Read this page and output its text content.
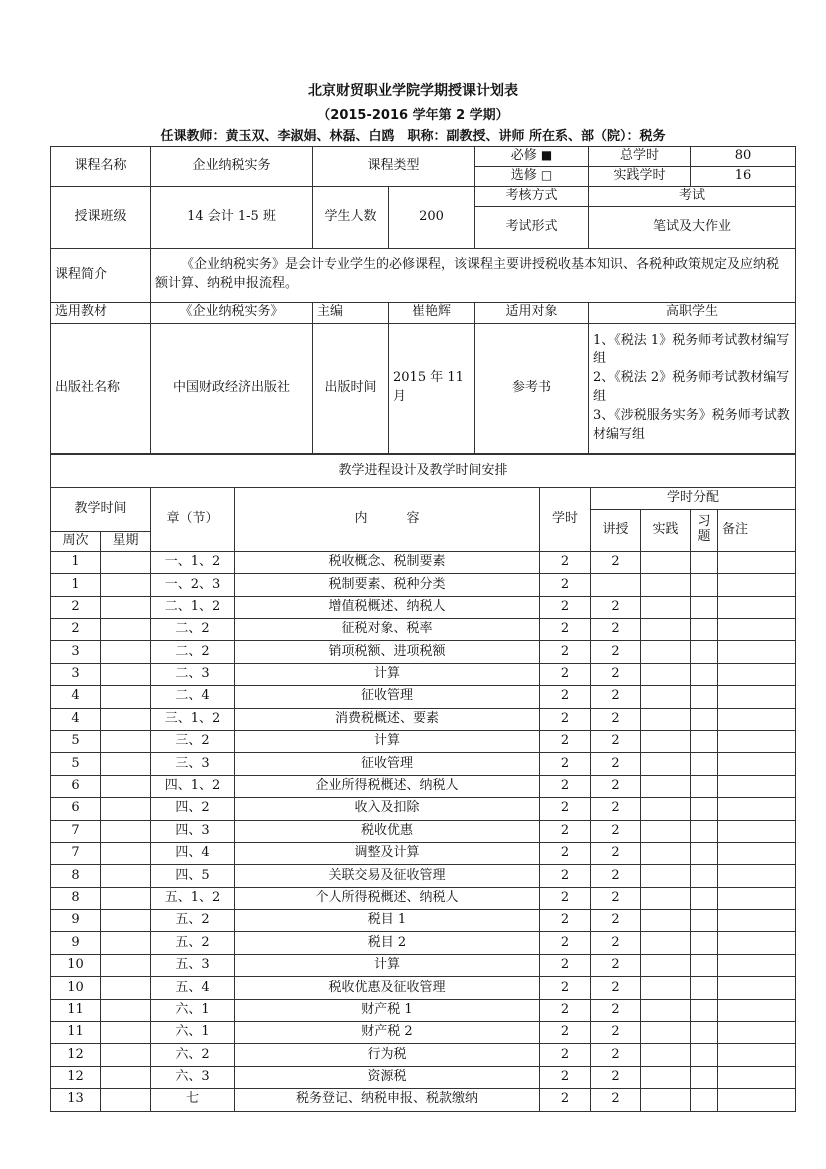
北京财贸职业学院学期授课计划表
（2015-2016 学年第 2 学期）
任课教师：黄玉双、李淑娟、林磊、白鸥　职称：副教授、讲师 所在系、部（院）：税务
课程名称	企业纳税实务	课程类型		必修 ■	总学时	80
				选修 □	实践学时	16
授课班级	14 会计 1-5 班	学生人数	200	考核方式	考试	
				考试形式	笔试及大作业	
课程简介	《企业纳税实务》是会计专业学生的必修课程，该课程主要讲授税收基本知识、各税种政策规定及应纳税额计算、纳税申报流程。					
选用教材	《企业纳税实务》	主编	崔艳辉	适用对象	高职学生	
出版社名称	中国财政经济出版社	出版时间	2015 年 11 月	参考书	1、《税法 1》税务师考试教材编写组

2、《税法 2》税务师考试教材编写组

3、《涉税服务实务》税务师考试教材编写组	

教学进程设计及教学时间安排								
教学时间		章（节）	内　　　容	学时	学时分配			
					讲授	实践	习题	备注
周次	星期							
1		一、1、2	税收概念、税制要素	2	2			
1		一、2、3	税制要素、税种分类	2				
2		二、1、2	增值税概述、纳税人	2	2			
2		二、2	征税对象、税率	2	2			
3		二、2	销项税额、进项税额	2	2			
3		二、3	计算	2	2			
4		二、4	征收管理	2	2			
4		三、1、2	消费税概述、要素	2	2			
5		三、2	计算	2	2			
5		三、3	征收管理	2	2			
6		四、1、2	企业所得税概述、纳税人	2	2			
6		四、2	收入及扣除	2	2			
7		四、3	税收优惠	2	2			
7		四、4	调整及计算	2	2			
8		四、5	关联交易及征收管理	2	2			
8		五、1、2	个人所得税概述、纳税人	2	2			
9		五、2	税目 1	2	2			
9		五、2	税目 2	2	2			
10		五、3	计算	2	2			
10		五、4	税收优惠及征收管理	2	2			
11		六、1	财产税 1	2	2			
11		六、1	财产税 2	2	2			
12		六、2	行为税	2	2			
12		六、3	资源税	2	2			
13		七	税务登记、纳税申报、税款缴纳	2	2			
